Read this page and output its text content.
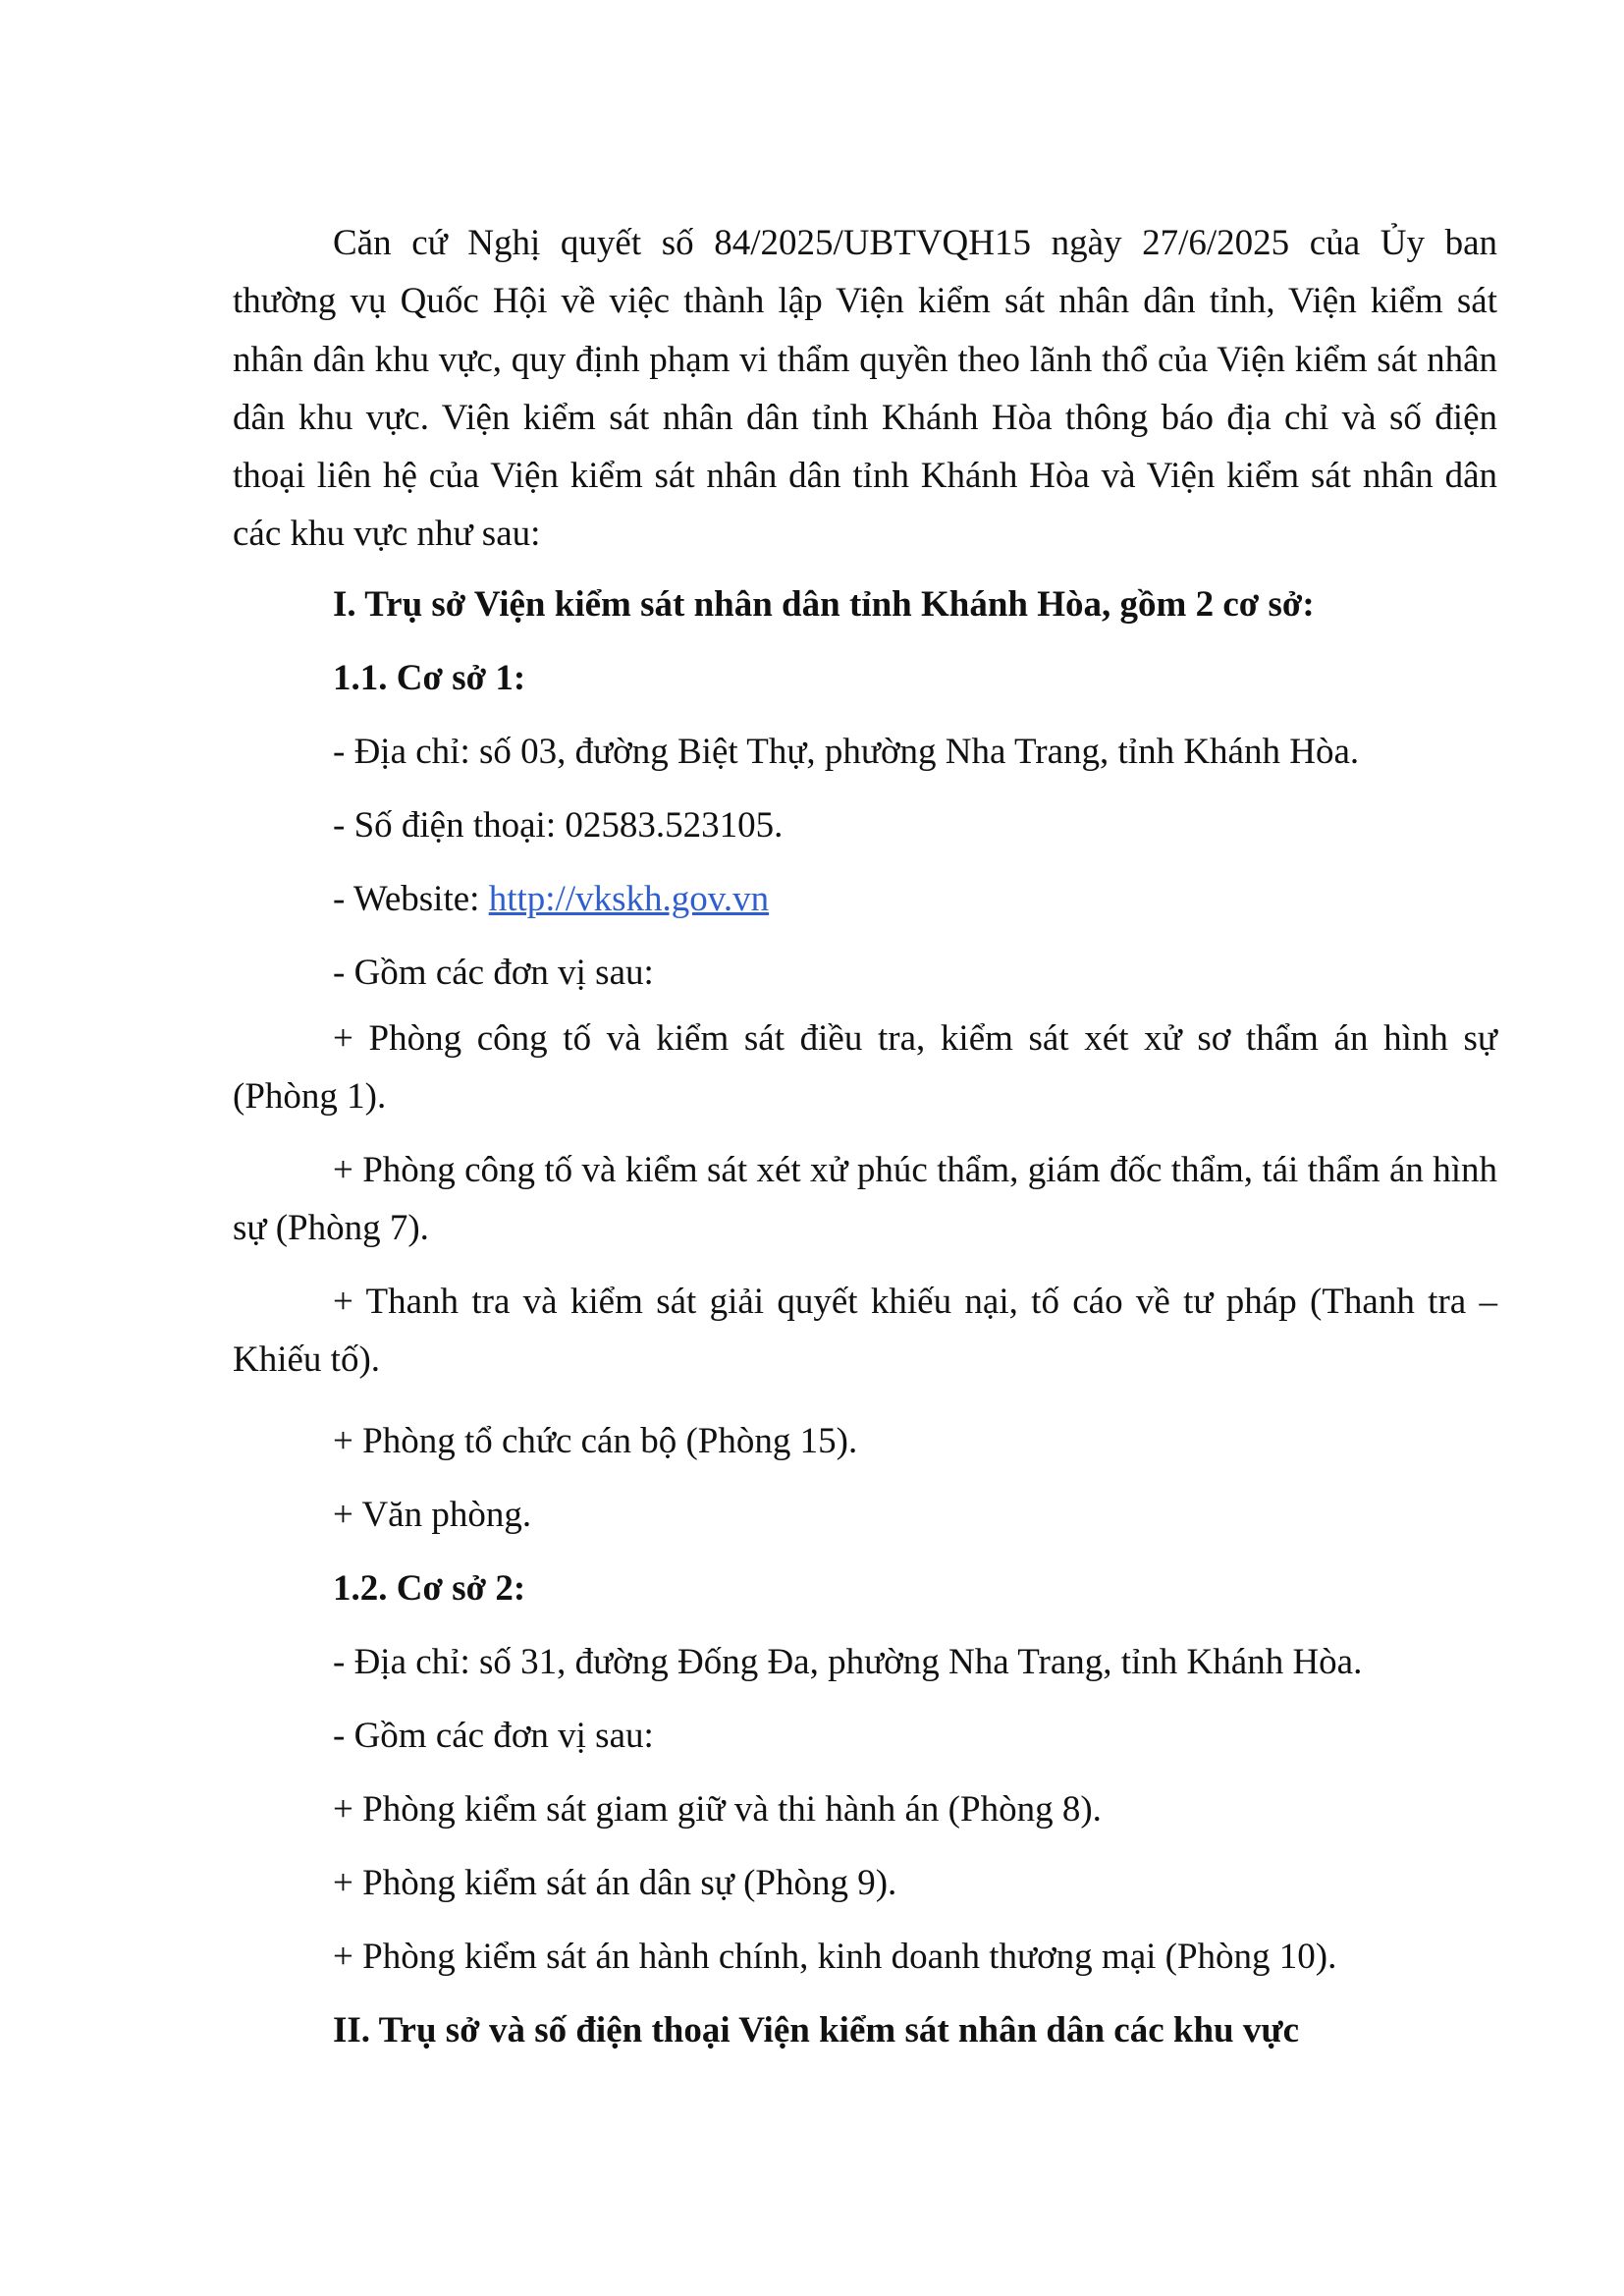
Căn cứ Nghị quyết số 84/2025/UBTVQH15 ngày 27/6/2025 của Ủy ban thường vụ Quốc Hội về việc thành lập Viện kiểm sát nhân dân tỉnh, Viện kiểm sát nhân dân khu vực, quy định phạm vi thẩm quyền theo lãnh thổ của Viện kiểm sát nhân dân khu vực. Viện kiểm sát nhân dân tỉnh Khánh Hòa thông báo địa chỉ và số điện thoại liên hệ của Viện kiểm sát nhân dân tỉnh Khánh Hòa và Viện kiểm sát nhân dân các khu vực như sau:

I. Trụ sở Viện kiểm sát nhân dân tỉnh Khánh Hòa, gồm 2 cơ sở:

1.1. Cơ sở 1:

- Địa chỉ: số 03, đường Biệt Thự, phường Nha Trang, tỉnh Khánh Hòa.

- Số điện thoại: 02583.523105.

- Website: http://vkskh.gov.vn

- Gồm các đơn vị sau:

+ Phòng công tố và kiểm sát điều tra, kiểm sát xét xử sơ thẩm án hình sự (Phòng 1).

+ Phòng công tố và kiểm sát xét xử phúc thẩm, giám đốc thẩm, tái thẩm án hình sự (Phòng 7).

+ Thanh tra và kiểm sát giải quyết khiếu nại, tố cáo về tư pháp (Thanh tra – Khiếu tố).

+ Phòng tổ chức cán bộ (Phòng 15).

+ Văn phòng.

1.2. Cơ sở 2:

- Địa chỉ: số 31, đường Đống Đa, phường Nha Trang, tỉnh Khánh Hòa.

- Gồm các đơn vị sau:

+ Phòng kiểm sát giam giữ và thi hành án (Phòng 8).

+ Phòng kiểm sát án dân sự (Phòng 9).

+ Phòng kiểm sát án hành chính, kinh doanh thương mại (Phòng 10).

II. Trụ sở và số điện thoại Viện kiểm sát nhân dân các khu vực
